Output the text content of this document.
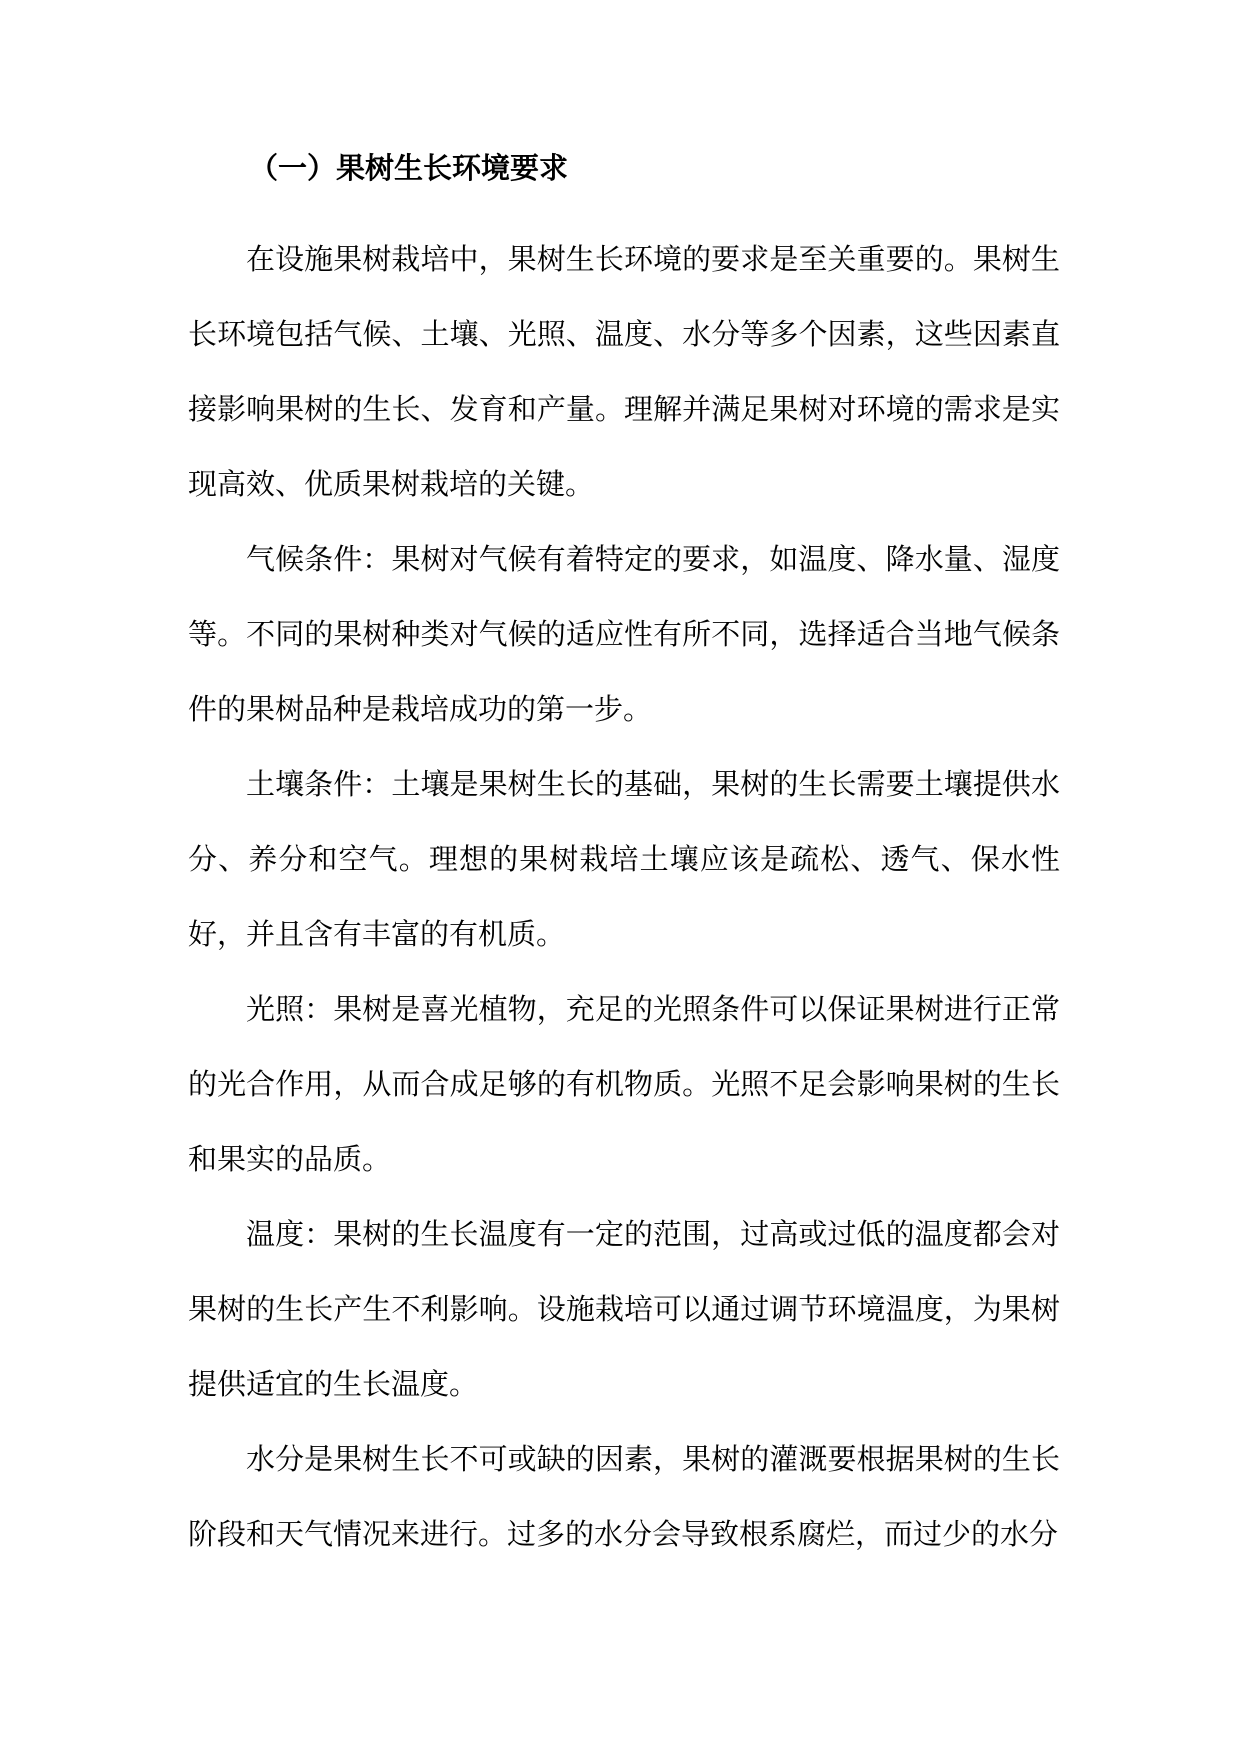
（一）果树生长环境要求

在设施果树栽培中，果树生长环境的要求是至关重要的。果树生长环境包括气候、土壤、光照、温度、水分等多个因素，这些因素直接影响果树的生长、发育和产量。理解并满足果树对环境的需求是实现高效、优质果树栽培的关键。

气候条件：果树对气候有着特定的要求，如温度、降水量、湿度等。不同的果树种类对气候的适应性有所不同，选择适合当地气候条件的果树品种是栽培成功的第一步。

土壤条件：土壤是果树生长的基础，果树的生长需要土壤提供水分、养分和空气。理想的果树栽培土壤应该是疏松、透气、保水性好，并且含有丰富的有机质。

光照：果树是喜光植物，充足的光照条件可以保证果树进行正常的光合作用，从而合成足够的有机物质。光照不足会影响果树的生长和果实的品质。

温度：果树的生长温度有一定的范围，过高或过低的温度都会对果树的生长产生不利影响。设施栽培可以通过调节环境温度，为果树提供适宜的生长温度。

水分是果树生长不可或缺的因素，果树的灌溉要根据果树的生长阶段和天气情况来进行。过多的水分会导致根系腐烂，而过少的水分
